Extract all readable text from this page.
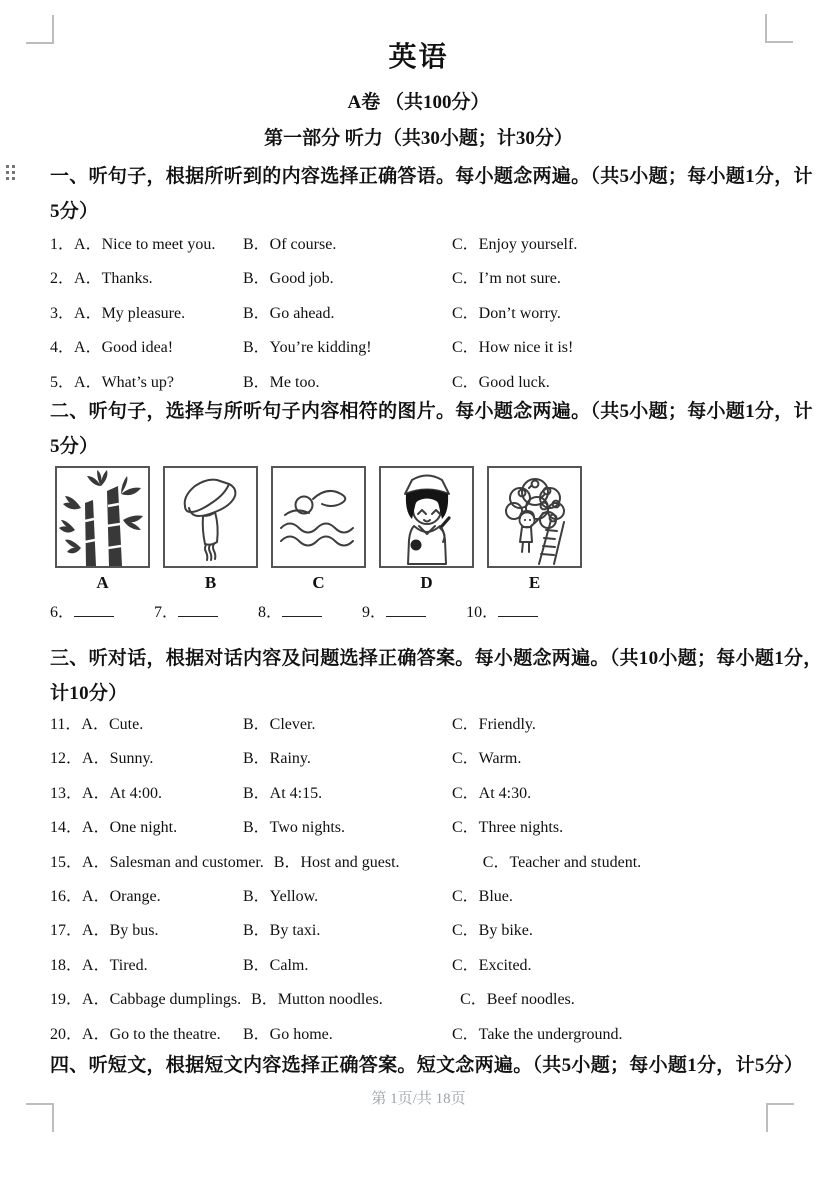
英语
A卷 （共100分）
第一部分 听力（共30小题；计30分）
一、听句子，根据所听到的内容选择正确答语。每小题念两遍。（共5小题；每小题1分，计
5分）
1．A．Nice to meet you.	B．Of course.	C．Enjoy yourself.
2．A．Thanks.	B．Good job.	C．I’m not sure.
3．A．My pleasure.	B．Go ahead.	C．Don’t worry.
4．A．Good idea!	B．You’re kidding!	C．How nice it is!
5．A．What’s up?	B．Me too.	C．Good luck.
二、听句子，选择与所听句子内容相符的图片。每小题念两遍。（共5小题；每小题1分，计
5分）
A	B	C	D	E
6．	7．	8．	9．	10．
三、听对话，根据对话内容及问题选择正确答案。每小题念两遍。（共10小题；每小题1分，
计10分）
11．A．Cute.	B．Clever.	C．Friendly.
12．A．Sunny.	B．Rainy.	C．Warm.
13．A．At 4:00.	B．At 4:15.	C．At 4:30.
14．A．One night.	B．Two nights.	C．Three nights.
15．A．Salesman and customer. B．Host and guest.	C．Teacher and student.
16．A．Orange.	B．Yellow.	C．Blue.
17．A．By bus.	B．By taxi.	C．By bike.
18．A．Tired.	B．Calm.	C．Excited.
19．A．Cabbage dumplings. B．Mutton noodles.	C．Beef noodles.
20．A．Go to the theatre.	B．Go home.	C．Take the underground.
四、听短文，根据短文内容选择正确答案。短文念两遍。（共5小题；每小题1分，计5分）
第 1页/共 18页
